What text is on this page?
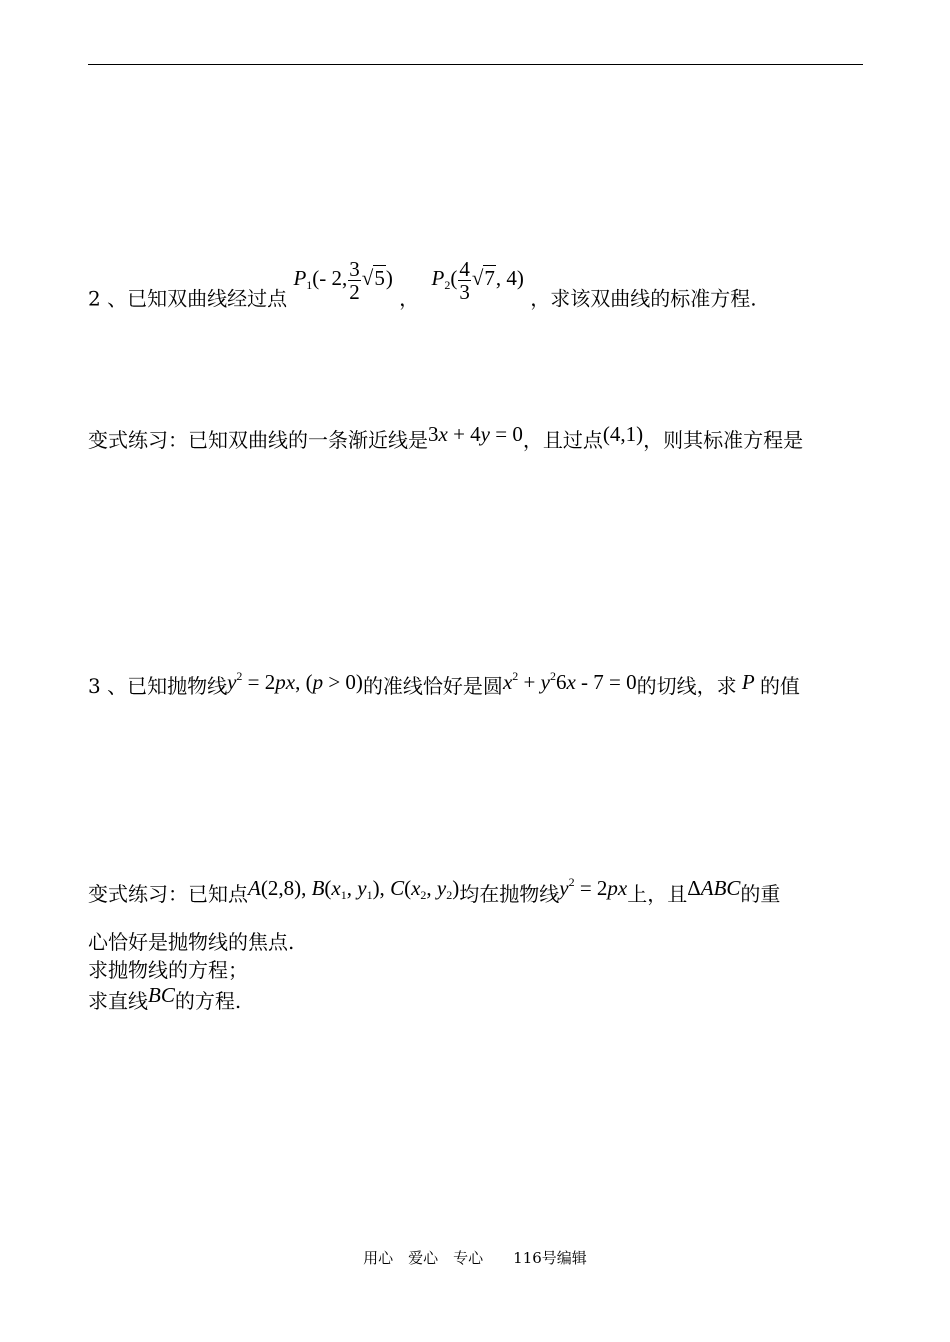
2 、已知双曲线经过点 $P_1(-$ 2, $\frac{3}{2} √5$) ， $P_2( \frac{4}{3} √7$, 4) ，求该双曲线的标准方程.
变式练习：已知双曲线的一条渐近线是3x + 4y = 0，且过点(4,1)，则其标准方程是
3 、已知抛物线$y^2 = 2px$, (p > 0)的准线恰好是圆$x^2 + y^26x - 7 = 0$的切线，求 P 的值
变式练习：已知点A(2,8), $B(x_1$, $y_1$), $C(x_2$, $y_2$)均在抛物线$y^2 = 2px$上，且ΔABC的重
心恰好是抛物线的焦点.
求抛物线的方程；
求直线BC的方程.
用心　爱心　专心　　116号编辑
